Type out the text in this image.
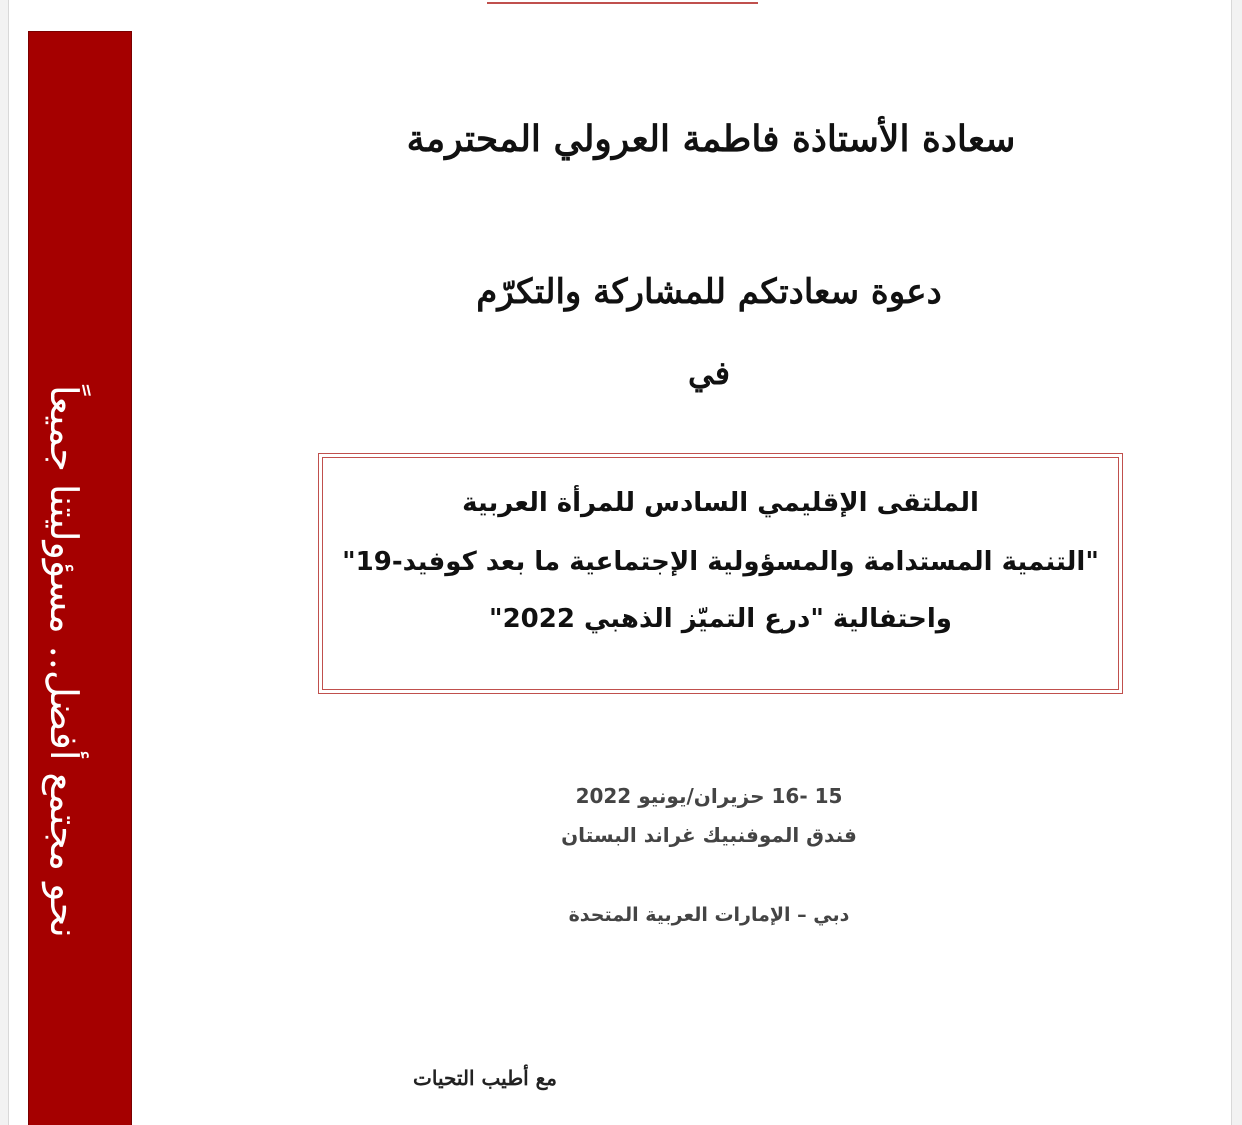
نحو مجتمع أفضل.. مسؤوليتنا جميعاً
سعادة الأستاذة فاطمة العرولي المحترمة
دعوة سعادتكم للمشاركة والتكرّم
في
الملتقى الإقليمي السادس للمرأة العربية
"التنمية المستدامة والمسؤولية الإجتماعية ما بعد كوفيد-19"
واحتفالية "درع التميّز الذهبي 2022"
15 -16 حزيران/يونيو 2022
فندق الموفنبيك غراند البستان
دبي – الإمارات العربية المتحدة
مع أطيب التحيات
